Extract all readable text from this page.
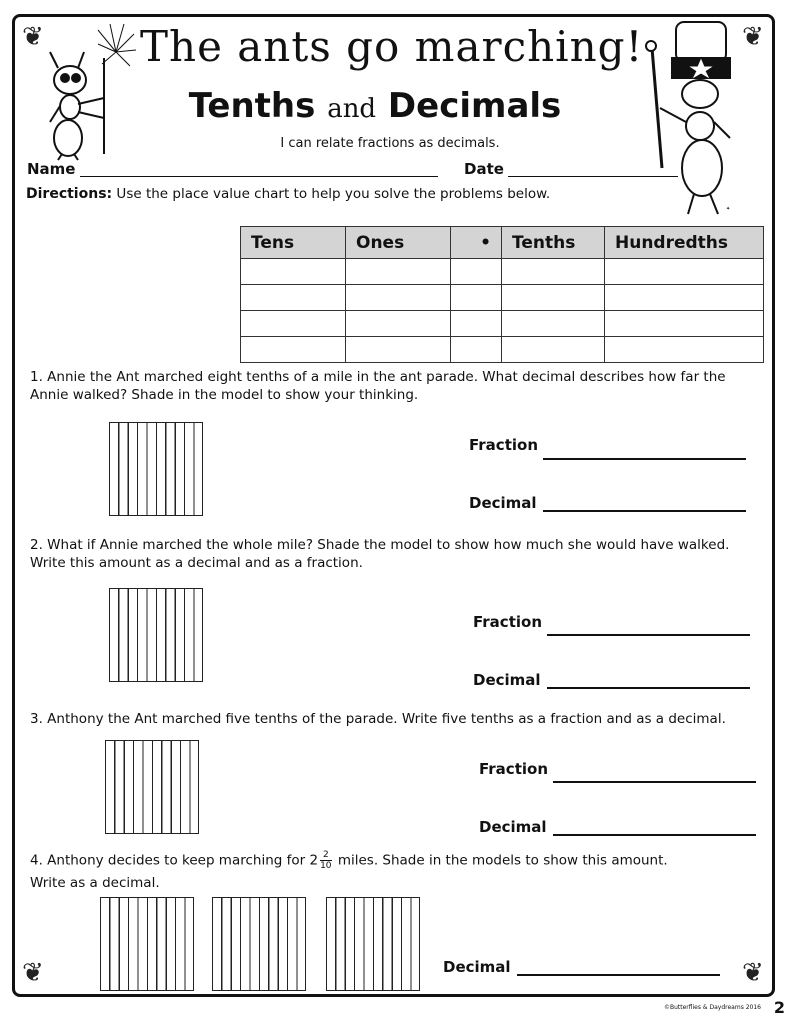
❦	❦
❦	❦
✦
The ants go marching!
Tenths and Decimals
I can relate fractions as decimals.
Name	Date
Directions: Use the place value chart to help you solve the problems below.
Tens	Ones	•	Tenths	Hundredths

1. Annie the Ant marched eight tenths of a mile in the ant parade. What decimal describes how far the Annie walked? Shade in the model to show your thinking.
Fraction
Decimal
2. What if Annie marched the whole mile? Shade the model to show how much she would have walked. Write this amount as a decimal and as a fraction.
Fraction
Decimal
3. Anthony the Ant marched five tenths of the parade. Write five tenths as a fraction and as a decimal.
Fraction
Decimal
4. Anthony decides to keep marching for $2 \frac{2}{10}$ miles. Shade in the models to show this amount.
Write as a decimal.
Decimal
©Butterflies & Daydreams 2016 2
